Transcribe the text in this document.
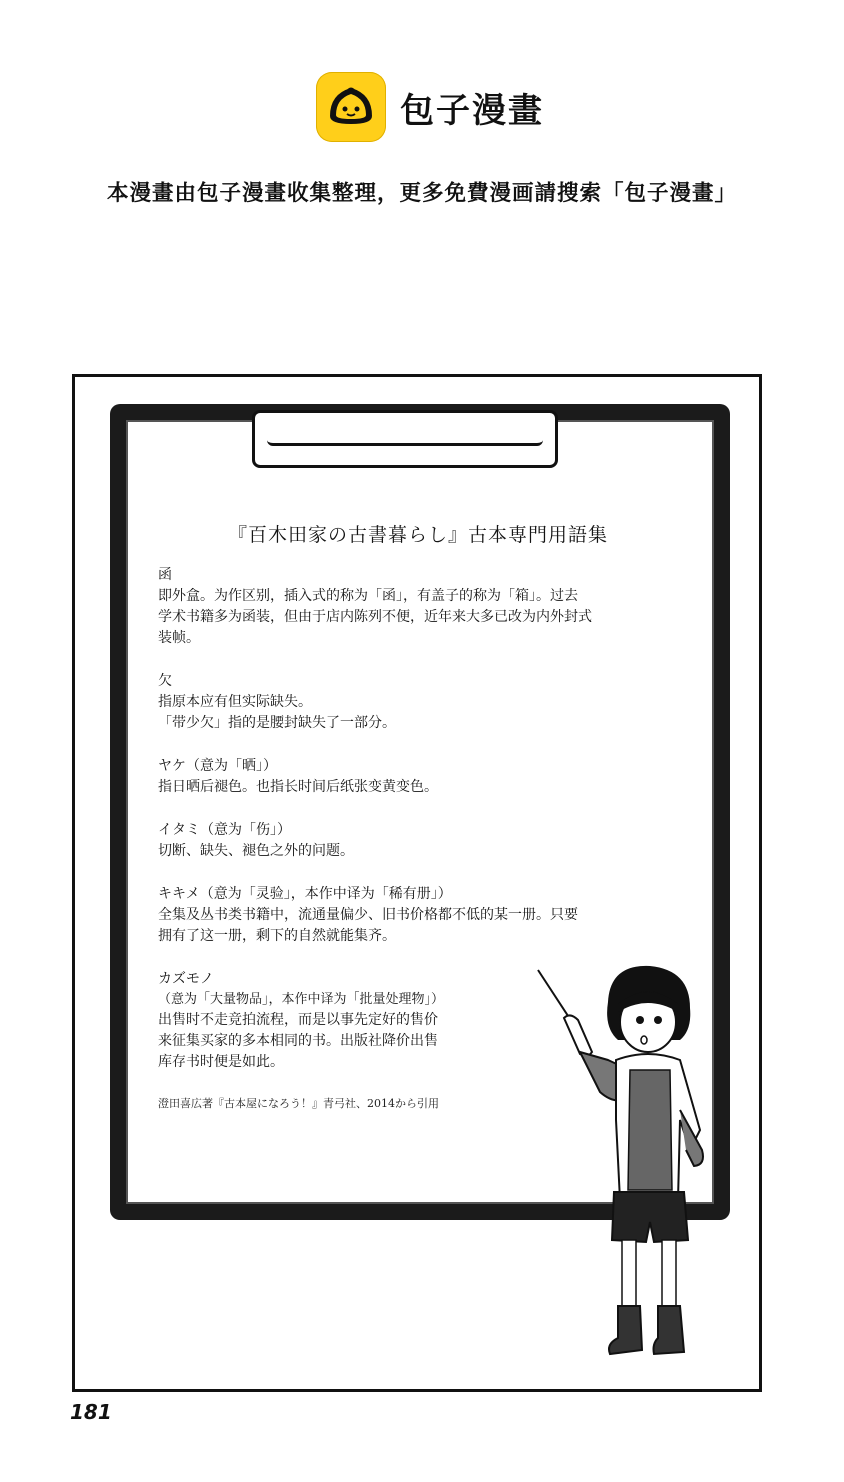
包子漫畫
本漫畫由包子漫畫收集整理，更多免費漫画請搜索「包子漫畫」
『百木田家の古書暮らし』古本専門用語集
函
即外盒。为作区别，插入式的称为「函」，有盖子的称为「箱」。过去
学术书籍多为函装，但由于店内陈列不便，近年来大多已改为内外封式
装帧。
欠
指原本应有但实际缺失。
「带少欠」指的是腰封缺失了一部分。
ヤケ（意为「晒」）
指日晒后褪色。也指长时间后纸张变黄变色。
イタミ（意为「伤」）
切断、缺失、褪色之外的问题。
キキメ（意为「灵验」，本作中译为「稀有册」）
全集及丛书类书籍中，流通量偏少、旧书价格都不低的某一册。只要
拥有了这一册，剩下的自然就能集齐。
カズモノ
（意为「大量物品」，本作中译为「批量处理物」）
出售时不走竞拍流程，而是以事先定好的售价
来征集买家的多本相同的书。出版社降价出售
库存书时便是如此。
澄田喜広著『古本屋になろう！』青弓社、2014から引用
181
